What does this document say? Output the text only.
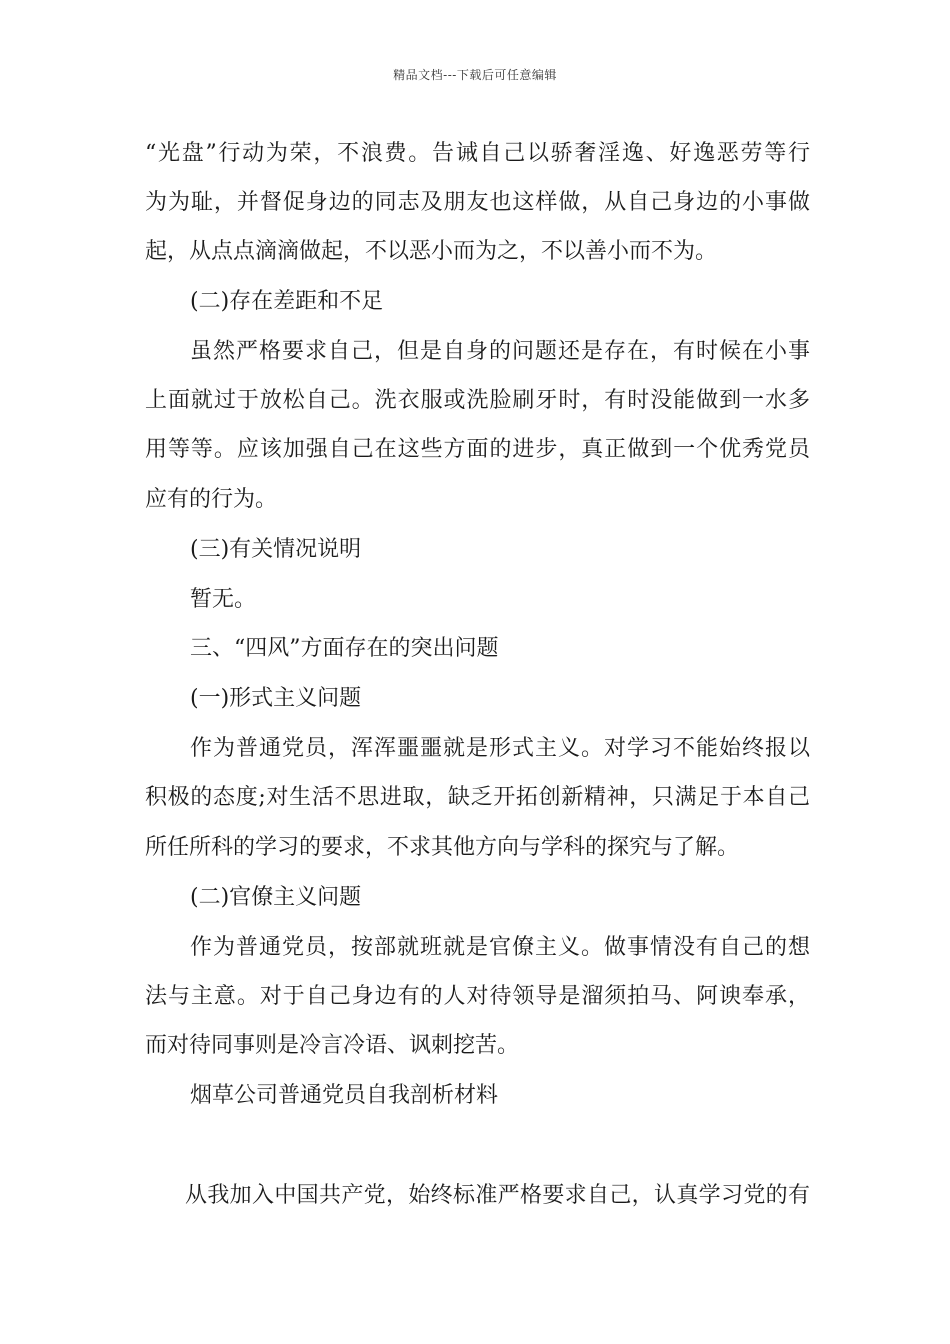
精品文档---下载后可任意编辑
“光盘”行动为荣，不浪费。告诫自己以骄奢淫逸、好逸恶劳等行
为为耻，并督促身边的同志及朋友也这样做，从自己身边的小事做
起，从点点滴滴做起，不以恶小而为之，不以善小而不为。
(二)存在差距和不足
虽然严格要求自己，但是自身的问题还是存在，有时候在小事
上面就过于放松自己。洗衣服或洗脸刷牙时，有时没能做到一水多
用等等。应该加强自己在这些方面的进步，真正做到一个优秀党员
应有的行为。
(三)有关情况说明
暂无。
三、“四风”方面存在的突出问题
(一)形式主义问题
作为普通党员，浑浑噩噩就是形式主义。对学习不能始终报以
积极的态度;对生活不思进取，缺乏开拓创新精神，只满足于本自己
所任所科的学习的要求，不求其他方向与学科的探究与了解。
(二)官僚主义问题
作为普通党员，按部就班就是官僚主义。做事情没有自己的想
法与主意。对于自己身边有的人对待领导是溜须拍马、阿谀奉承，
而对待同事则是冷言冷语、讽刺挖苦。
烟草公司普通党员自我剖析材料
从我加入中国共产党，始终标准严格要求自己，认真学习党的有
